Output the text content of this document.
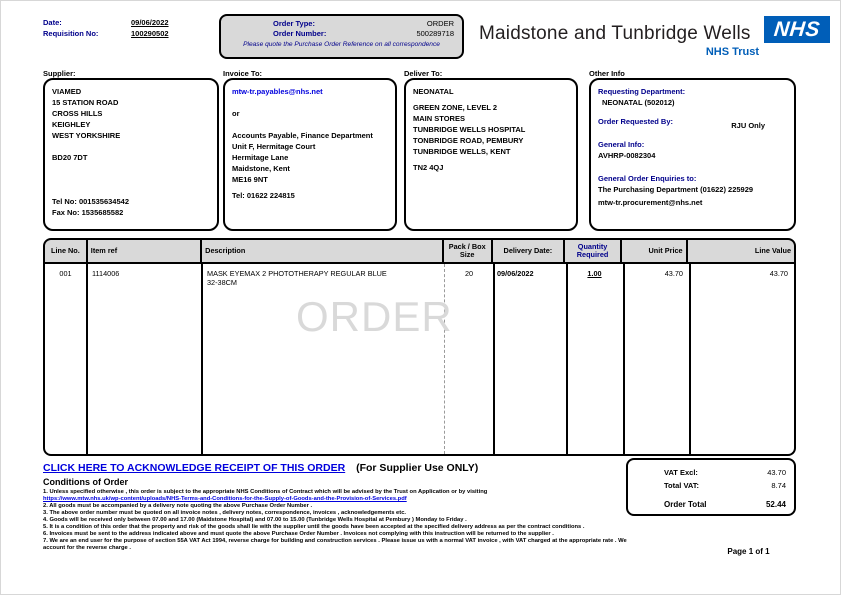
Date:	09/06/2022
Requisition No:	100290502
Order Type:	ORDER
Order Number:	500289718
Please quote the Purchase Order Reference on all correspondence
Maidstone and Tunbridge Wells NHS
NHS Trust
Supplier:	Invoice To:	Deliver To:	Other Info
VIAMED
15 STATION ROAD
CROSS HILLS
KEIGHLEY
WEST YORKSHIRE
BD20 7DT
Tel No: 001535634542
Fax No: 1535685582
mtw-tr.payables@nhs.net
or
Accounts Payable, Finance Department
Unit F, Hermitage Court
Hermitage Lane
Maidstone, Kent
ME16 9NT
Tel: 01622 224815
NEONATAL
GREEN ZONE, LEVEL 2
MAIN STORES
TUNBRIDGE WELLS HOSPITAL
TONBRIDGE ROAD, PEMBURY
TUNBRIDGE WELLS, KENT
TN2 4QJ
Requesting Department:
NEONATAL (502012)
Order Requested By:	RJU Only
General Info:
AVHRP-0082304
General Order Enquiries to:
The Purchasing Department (01622) 225929
mtw-tr.procurement@nhs.net
Line No.	Item ref	Description	Pack / Box Size	Delivery Date:	Quantity Required	Unit Price	Line Value
001	1114006	MASK EYEMAX 2 PHOTOTHERAPY REGULAR BLUE
32-38CM
20	09/06/2022	1.00	43.70	43.70
ORDER
VAT Excl:	43.70
Total VAT:	8.74
Order Total	52.44
CLICK HERE TO ACKNOWLEDGE RECEIPT OF THIS ORDER (For Supplier Use ONLY)
Conditions of Order
1. Unless specified otherwise , this order is subject to the appropriate NHS Conditions of Contract which will be advised by the Trust on Application or by visiting
https://www.mtw.nhs.uk/wp-content/uploads/NHS-Terms-and-Conditions-for-the-Supply-of-Goods-and-the-Provision-of-Services.pdf
2. All goods must be accompanied by a delivery note quoting the above Purchase Order Number .
3. The above order number must be quoted on all invoice notes , delivery notes, correspondence, invoices , acknowledgements etc.
4. Goods will be received only between 07.00 and 17.00 (Maidstone Hospital) and 07.00 to 15.00 (Tunbridge Wells Hospital at Pembury ) Monday to Friday .
5. It is a condition of this order that the property and risk of the goods shall lie with the supplier until the goods have been accepted at the specified delivery address as per the contract conditions .
6. Invoices must be sent to the address indicated above and must quote the above Purchase Order Number . Invoices not complying with this instruction will be returned to the supplier .
7. We are an end user for the purpose of section 55A VAT Act 1994, reverse charge for building and construction services . Please issue us with a normal VAT invoice , with VAT charged at the appropriate rate . We account for the reverse charge .	Page 1 of 1
